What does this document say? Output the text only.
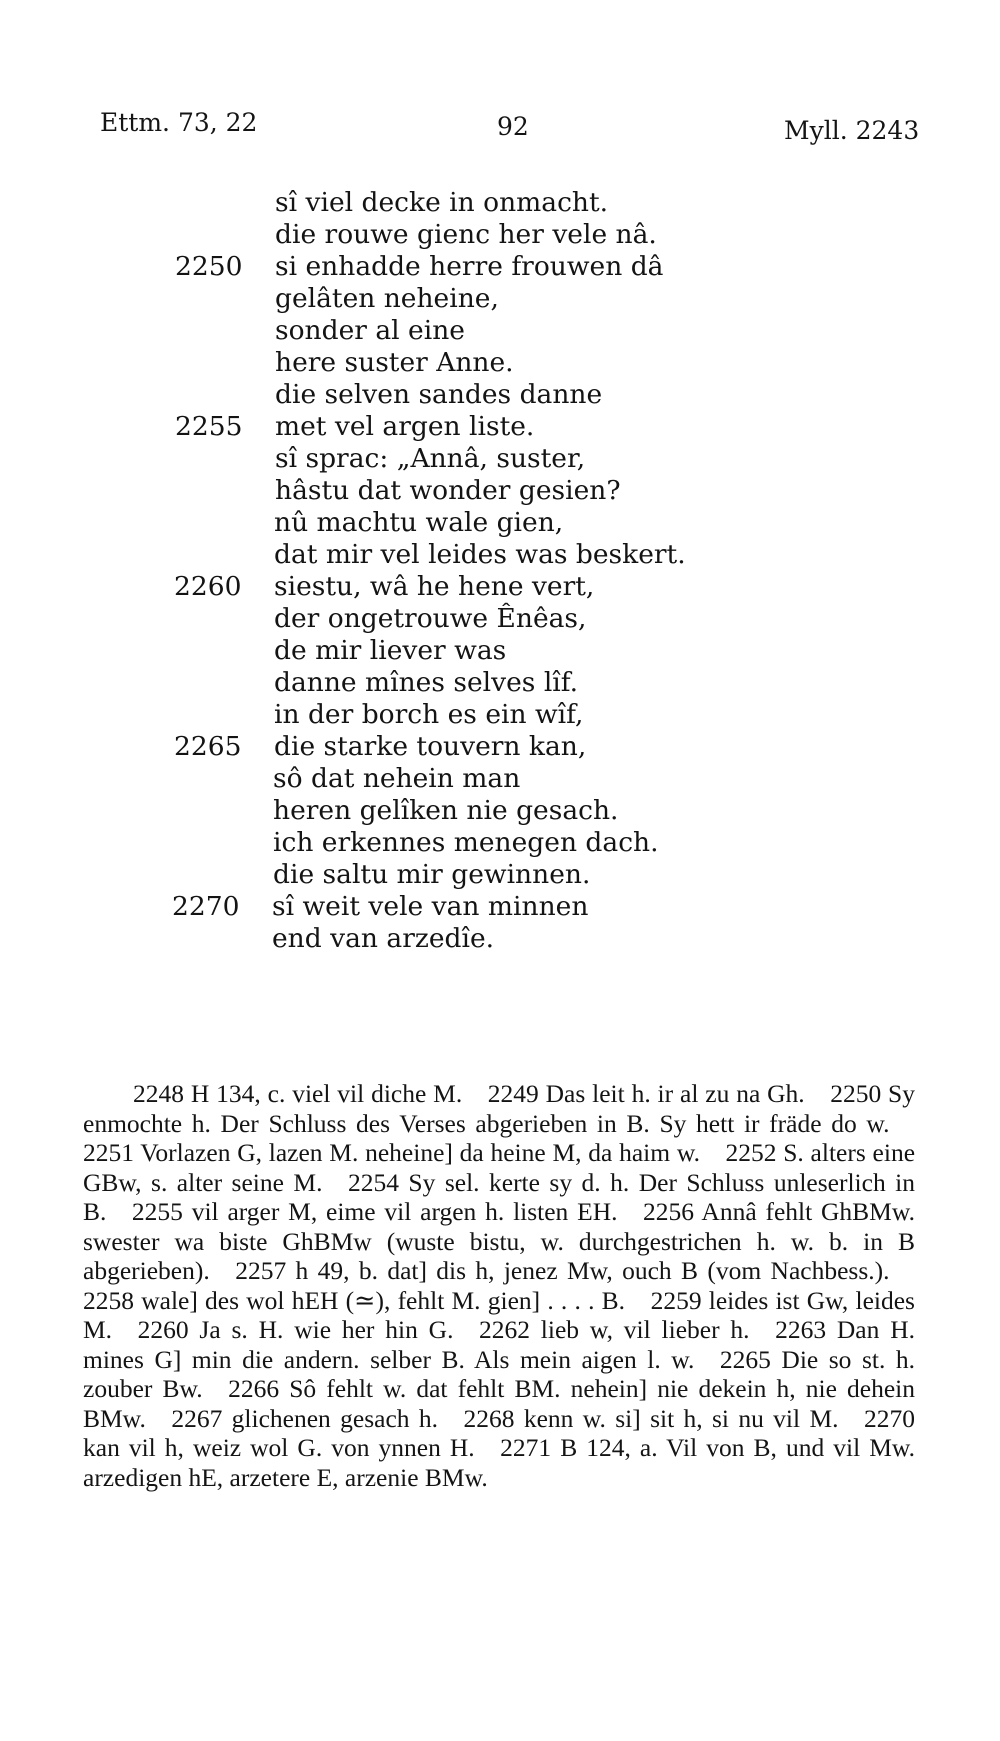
Ettm. 73, 22	92	Myll. 2243
sî viel decke in onmacht.
die rouwe gienc her vele nâ.
2250	si enhadde herre frouwen dâ
gelâten neheine,
sonder al eine
here suster Anne.
die selven sandes danne
2255	met vel argen liste.
sî sprac: „Annâ, suster,
hâstu dat wonder gesien?
nû machtu wale gien,
dat mir vel leides was beskert.
2260	siestu, wâ he hene vert,
der ongetrouwe Ênêas,
de mir liever was
danne mînes selves lîf.
in der borch es ein wîf,
2265	die starke touvern kan,
sô dat nehein man
heren gelîken nie gesach.
ich erkennes menegen dach.
die saltu mir gewinnen.
2270	sî weit vele van minnen
end van arzedîe.

2248 H 134, c. viel vil diche M.  2249 Das leit h. ir al zu na Gh.  2250 Sy enmochte h. Der Schluss des Verses abgerieben in B. Sy hett ir fräde do w. 2251 Vorlazen G, lazen M. neheine] da heine M, da haim w.  2252 S. alters eine GBw, s. alter seine M.  2254 Sy sel. kerte sy d. h. Der Schluss unleserlich in B.  2255 vil arger M, eime vil argen h. listen EH.  2256 Annâ fehlt GhBMw. swester wa biste GhBMw (wuste bistu, w. durchgestrichen h. w. b. in B abgerieben).  2257 h 49, b. dat] dis h, jenez Mw, ouch B (vom Nachbess.). 2258 wale] des wol hEH (≃), fehlt M. gien] . . . . B.  2259 leides ist Gw, leides M.  2260 Ja s. H. wie her hin G.  2262 lieb w, vil lieber h.  2263 Dan H. mines G] min die andern. selber B. Als mein aigen l. w.  2265 Die so st. h. zouber Bw.  2266 Sô fehlt w. dat fehlt BM. nehein] nie dekein h, nie dehein BMw.  2267 glichenen gesach h.  2268 kenn w. si] sit h, si nu vil M.  2270 kan vil h, weiz wol G. von ynnen H.  2271 B 124, a. Vil von B, und vil Mw. arzedigen hE, arzetere E, arzenie BMw.
